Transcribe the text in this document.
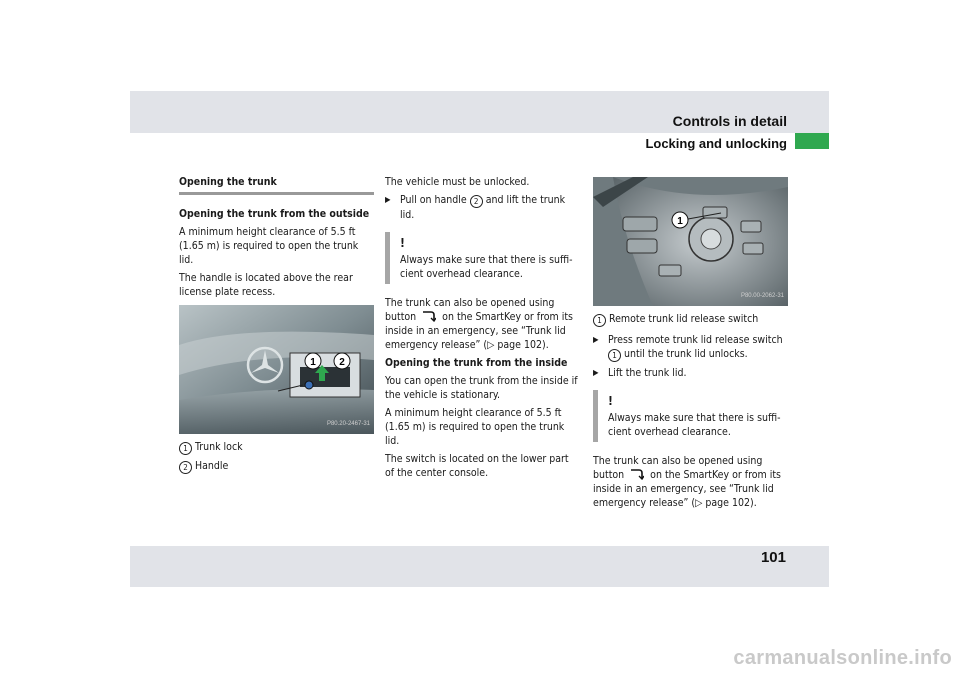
Controls in detail
Locking and unlocking
Opening the trunk

Opening the trunk from the outside

A minimum height clearance of 5.5 ft (1.65 m) is required to open the trunk lid.

The handle is located above the rear license plate recess.

1 2
P80.20-2467-31

1 Trunk lock

2 Handle

The vehicle must be unlocked.

▶ Pull on handle 2 and lift the trunk lid.

!
Always make sure that there is suffi-cient overhead clearance.

The trunk can also be opened using button on the SmartKey or from its inside in an emergency, see “Trunk lid emergency release” (▷ page 102).

Opening the trunk from the inside

You can open the trunk from the inside if the vehicle is stationary.

A minimum height clearance of 5.5 ft (1.65 m) is required to open the trunk lid.

The switch is located on the lower part of the center console.

1
P80.00-2062-31

1 Remote trunk lid release switch

▶ Press remote trunk lid release switch 1 until the trunk lid unlocks.

▶ Lift the trunk lid.

!
Always make sure that there is suffi-cient overhead clearance.

The trunk can also be opened using button on the SmartKey or from its inside in an emergency, see “Trunk lid emergency release” (▷ page 102).

101
carmanualsonline.info
